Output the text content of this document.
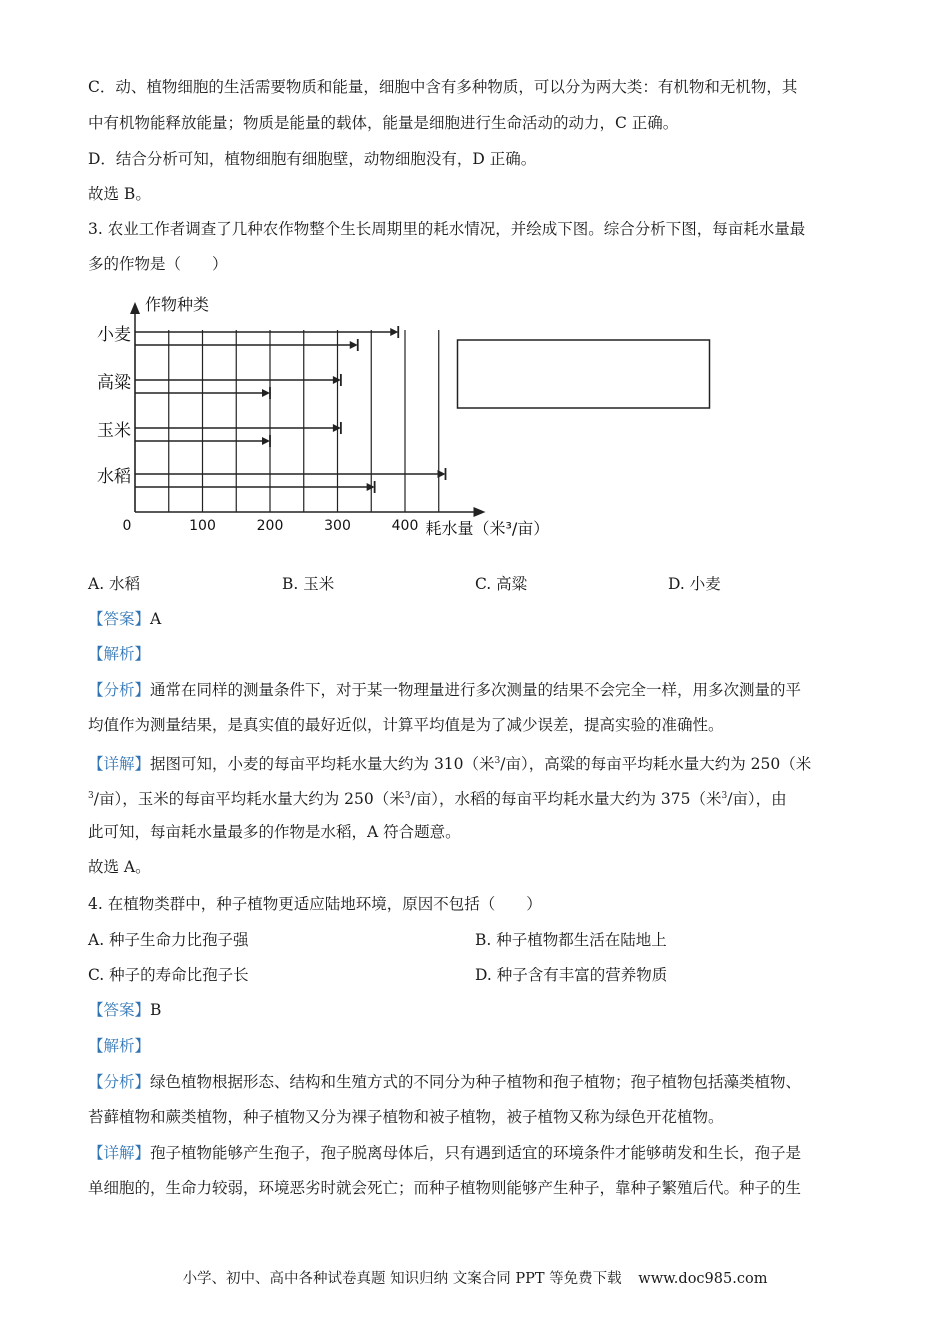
C．动、植物细胞的生活需要物质和能量，细胞中含有多种物质，可以分为两大类：有机物和无机物，其
中有机物能释放能量；物质是能量的载体，能量是细胞进行生命活动的动力，C 正确。
D．结合分析可知，植物细胞有细胞壁，动物细胞没有，D 正确。
故选 B。
3. 农业工作者调查了几种农作物整个生长周期里的耗水情况，并绘成下图。综合分析下图，每亩耗水量最
多的作物是（　　）
小麦
高粱
玉米
水稻
0	100	200	300	400
作物种类
耗水量（米³/亩）
A. 水稻	B. 玉米	C. 高粱	D. 小麦
【答案】A
【解析】
【分析】通常在同样的测量条件下，对于某一物理量进行多次测量的结果不会完全一样，用多次测量的平
均值作为测量结果，是真实值的最好近似，计算平均值是为了减少误差，提高实验的准确性。
【详解】据图可知，小麦的每亩平均耗水量大约为 310（米$^3$/亩），高粱的每亩平均耗水量大约为 250（米
$^3$/亩），玉米的每亩平均耗水量大约为 250（米$^3$/亩），水稻的每亩平均耗水量大约为 375（米$^3$/亩），由
此可知，每亩耗水量最多的作物是水稻，A 符合题意。
故选 A。
4. 在植物类群中，种子植物更适应陆地环境，原因不包括（　　）
A. 种子生命力比孢子强	B. 种子植物都生活在陆地上
C. 种子的寿命比孢子长	D. 种子含有丰富的营养物质
【答案】B
【解析】
【分析】绿色植物根据形态、结构和生殖方式的不同分为种子植物和孢子植物；孢子植物包括藻类植物、
苔藓植物和蕨类植物，种子植物又分为裸子植物和被子植物，被子植物又称为绿色开花植物。
【详解】孢子植物能够产生孢子，孢子脱离母体后，只有遇到适宜的环境条件才能够萌发和生长，孢子是
单细胞的，生命力较弱，环境恶劣时就会死亡；而种子植物则能够产生种子，靠种子繁殖后代。种子的生
小学、初中、高中各种试卷真题 知识归纳 文案合同 PPT 等免费下载 www.doc985.com
